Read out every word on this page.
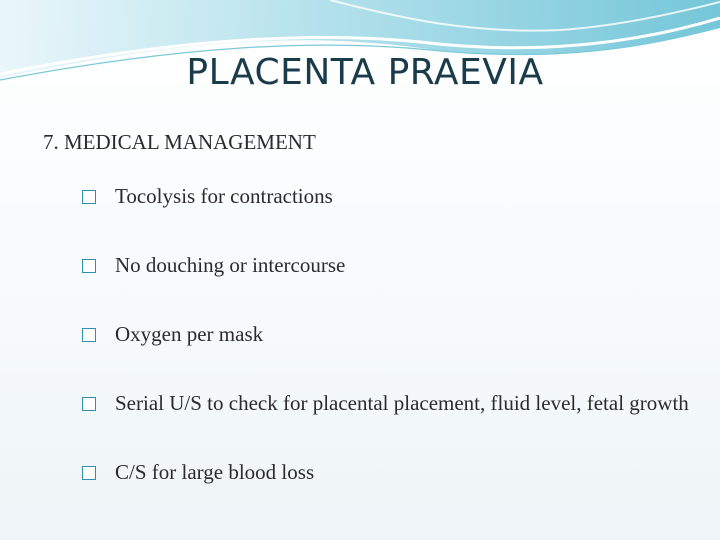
PLACENTA PRAEVIA
7. MEDICAL MANAGEMENT
Tocolysis for contractions
No douching or intercourse
Oxygen per mask
Serial U/S to check for placental placement, fluid level, fetal growth
C/S for large blood loss
